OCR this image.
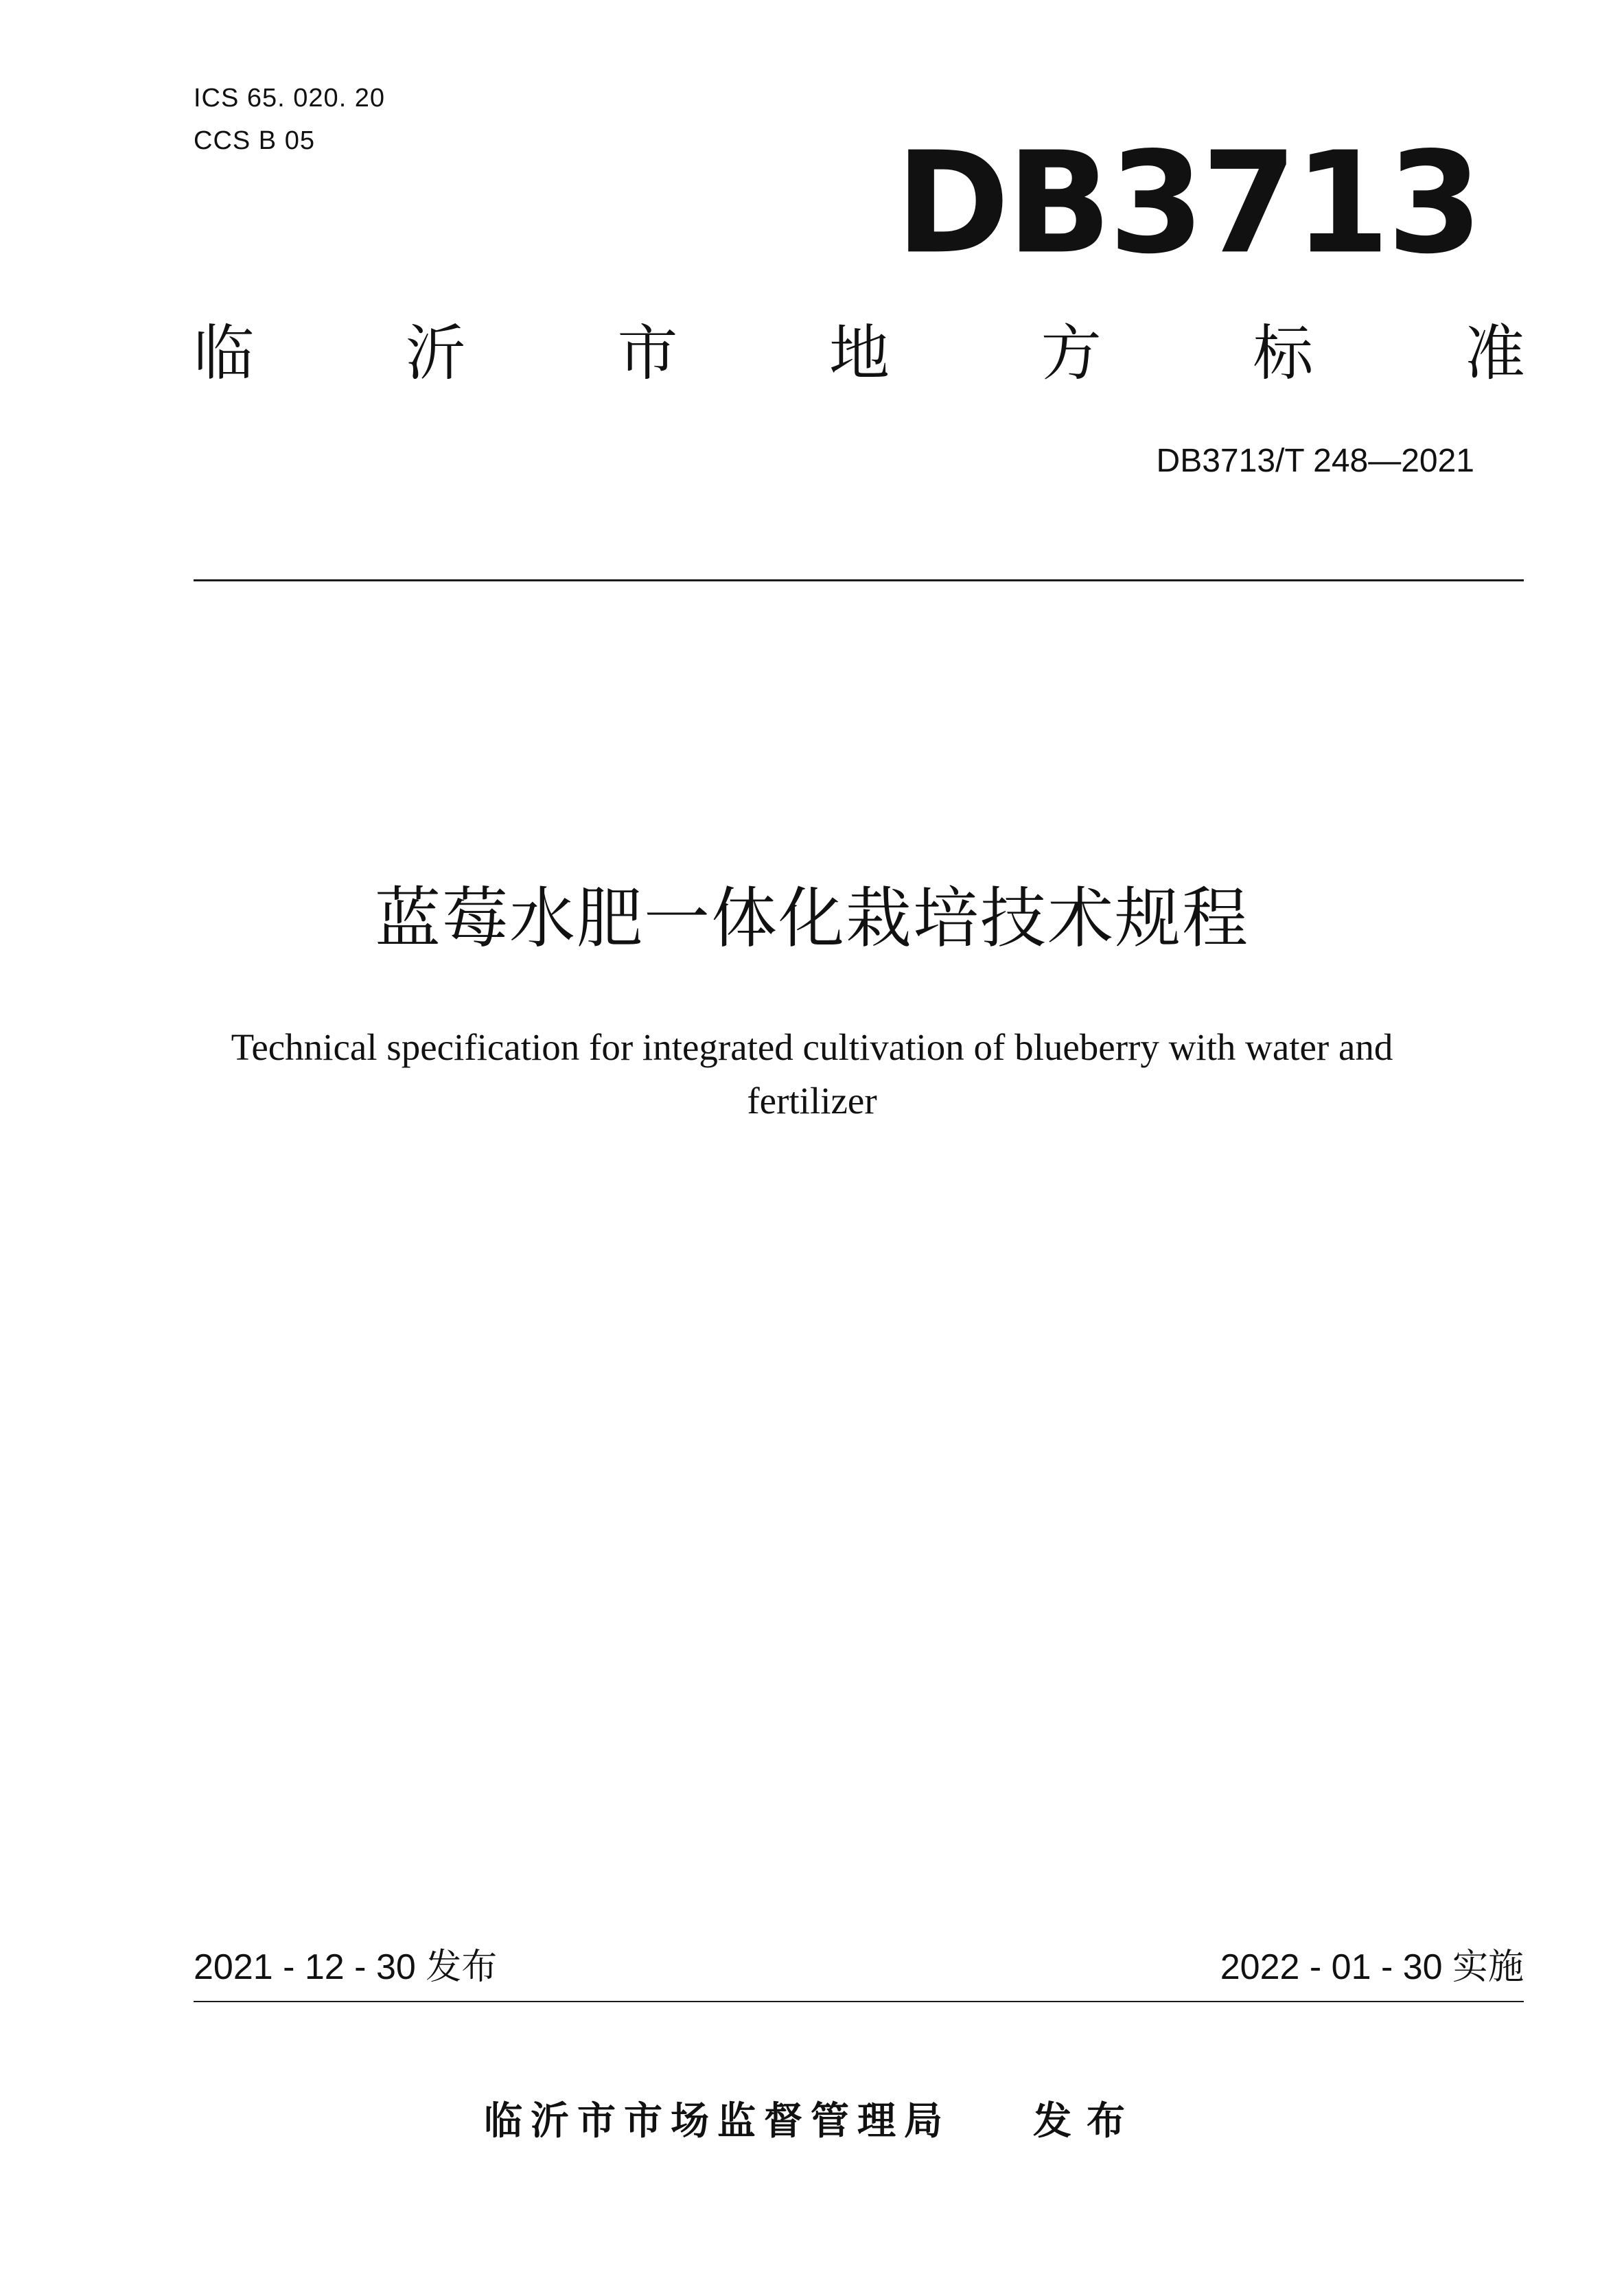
ICS 65. 020. 20
CCS B 05	DB3713
临	沂	市	地	方	标	准
DB3713/T 248—2021
蓝莓水肥一体化栽培技术规程
Technical specification for integrated cultivation of blueberry with water and fertilizer
2021 - 12 - 30 发布	2022 - 01 - 30 实施
临沂市市场监督管理局 发布
